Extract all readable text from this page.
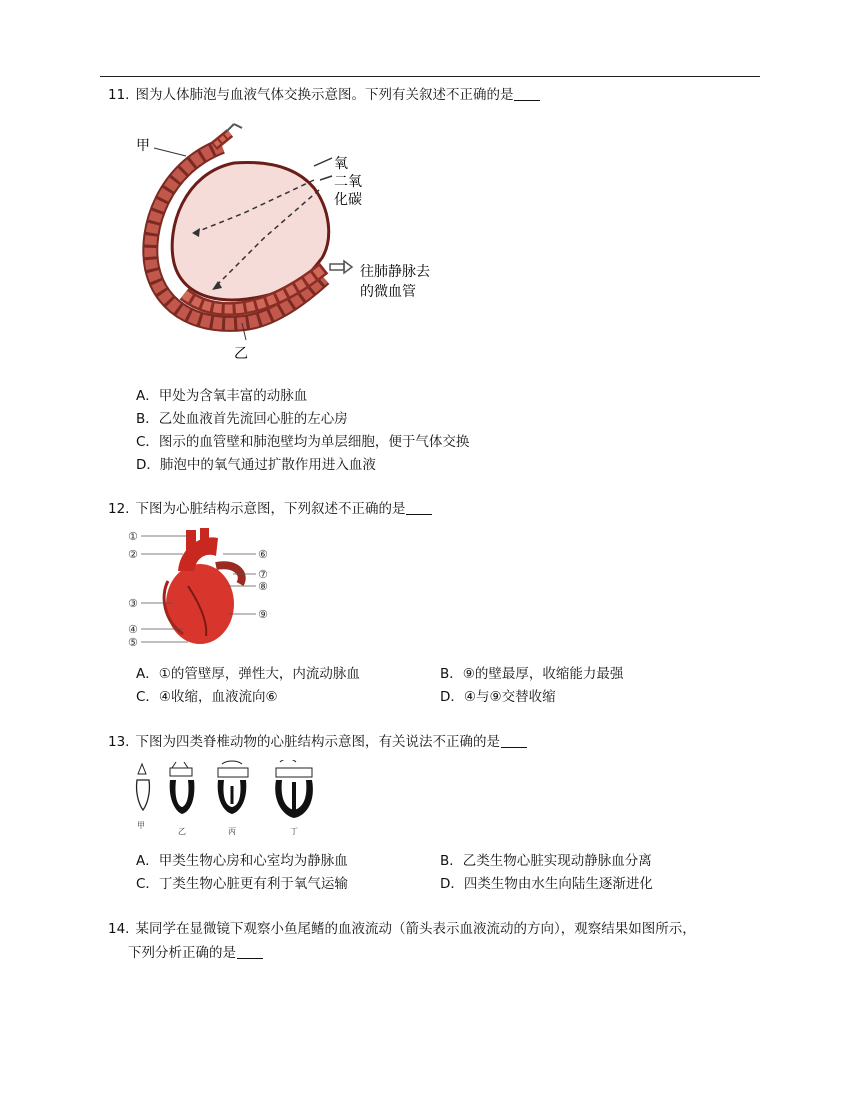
11. 图为人体肺泡与血液气体交换示意图。下列有关叙述不正确的是
甲
乙
氧
二氧
化碳
往肺静脉去
的微血管
A．甲处为含氧丰富的动脉血
B．乙处血液首先流回心脏的左心房
C．图示的血管壁和肺泡壁均为单层细胞，便于气体交换
D．肺泡中的氧气通过扩散作用进入血液
12. 下图为心脏结构示意图，下列叙述不正确的是
①
②
③
④
⑤
⑥
⑦
⑧
⑨
A．①的管壁厚，弹性大，内流动脉血	B．⑨的壁最厚，收缩能力最强
C．④收缩，血液流向⑥	D．④与⑨交替收缩
13. 下图为四类脊椎动物的心脏结构示意图，有关说法不正确的是
甲
乙	丙	丁
A．甲类生物心房和心室均为静脉血	B．乙类生物心脏实现动静脉血分离
C．丁类生物心脏更有利于氧气运输	D．四类生物由水生向陆生逐渐进化
14. 某同学在显微镜下观察小鱼尾鳍的血液流动（箭头表示血液流动的方向），观察结果如图所示，
下列分析正确的是
